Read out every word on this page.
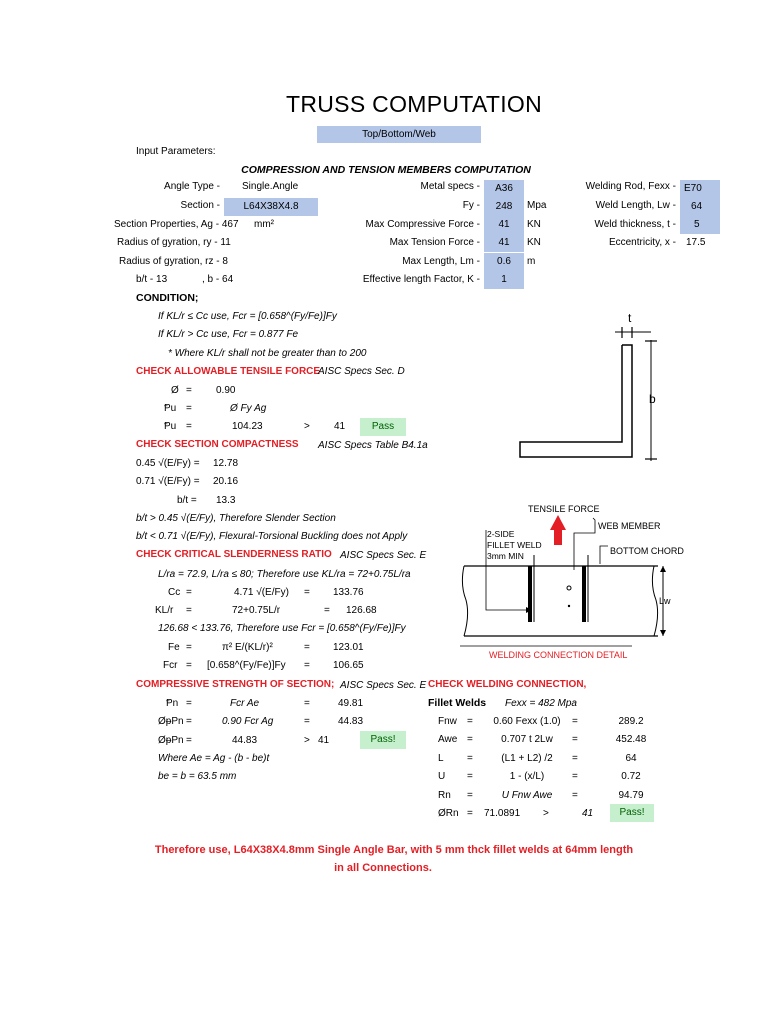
TRUSS COMPUTATION
Top/Bottom/Web
Input Parameters:
COMPRESSION AND TENSION MEMBERS COMPUTATION
Angle Type - Single.Angle
Section -	L64X38X4.8
Section Properties, Ag - 467 mm²
Radius of gyration, ry - 11
Radius of gyration, rz - 8
b/t - 13	, b - 64
Metal specs -	A36
Fy -	248	Mpa
Max Compressive Force -	41	KN
Max Tension Force -	41	KN
Max Length, Lm -	0.6	m
Effective length Factor, K -	1
Welding Rod, Fexx - E70
Weld Length, Lw -	64
Weld thickness, t -	5
Eccentricity, x - 17.5
CONDITION;
If KL/r ≤ Cc use, Fcr = [0.658^(Fy/Fe)]Fy
If KL/r > Cc use, Fcr = 0.877 Fe
* Where KL/r shall not be greater than to 200
CHECK ALLOWABLE TENSILE FORCE
AISC Specs Sec. D
Ø = 0.90
Ᵽu =	Ø Fy Ag
Ᵽu =	104.23	> 41	Pass
CHECK SECTION COMPACTNESS AISC Specs Table B4.1a
0.45 √(E/Fy) = 12.78
0.71 √(E/Fy) = 20.16
b/t = 13.3
b/t > 0.45 √(E/Fy), Therefore Slender Section
b/t < 0.71 √(E/Fy), Flexural-Torsional Buckling does not Apply
CHECK CRITICAL SLENDERNESS RATIO AISC Specs Sec. E
L/ra = 72.9, L/ra ≤ 80; Therefore use KL/ra = 72+0.75L/ra
Cc =	4.71 √(E/Fy) = 133.76
KL/r =	72+0.75L/r	= 126.68
126.68 < 133.76, Therefore use Fcr = [0.658^(Fy/Fe)]Fy
Fe =	π² E/(KL/r)²	= 123.01
Fcr = [0.658^(Fy/Fe)]Fy = 106.65
COMPRESSIVE STRENGTH OF SECTION; AISC Specs Sec. E
Ᵽn =	Fcr Ae	=	49.81
ØᵽPn =	0.90 Fcr Ag	=	44.83
ØᵽPn =	44.83	> 41	Pass!
Where Ae = Ag - (b - be)t
be = b = 63.5 mm
CHECK WELDING CONNECTION,
Fillet Welds Fexx = 482 Mpa
Fnw =	0.60 Fexx (1.0)	=	289.2
Awe =	0.707 t 2Lw	=	452.48
L =	(L1 + L2) /2	=	64
U =	1 - (x/L)	=	0.72
Rn =	U Fnw Awe	=	94.79
ØRn = 71.0891 >	41	Pass!
t
b
TENSILE FORCE
WEB MEMBER
2-SIDE
FILLET WELD
3mm MIN	BOTTOM CHORD
Lw
WELDING CONNECTION DETAIL
Therefore use, L64X38X4.8mm Single Angle Bar, with 5 mm thck fillet welds at 64mm length
in all Connections.
